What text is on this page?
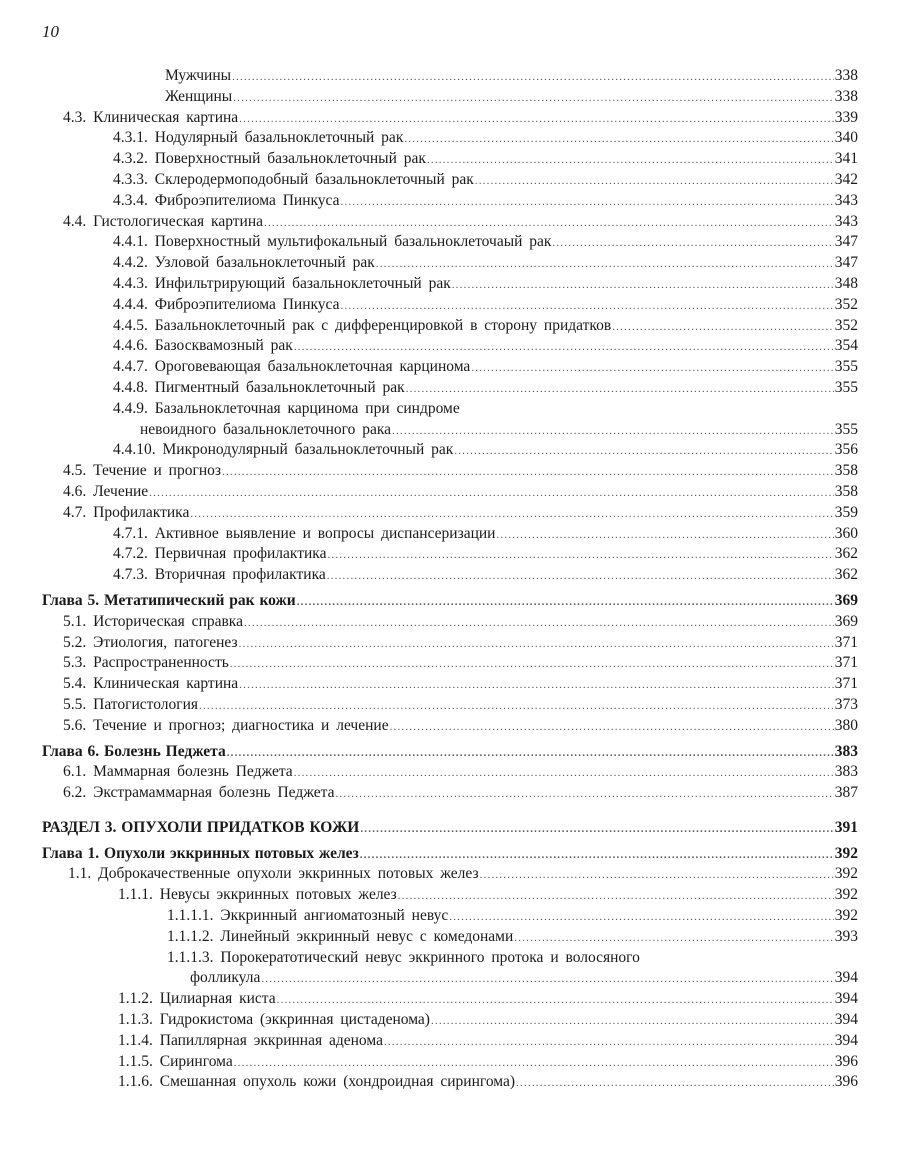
10
Мужчины .....	338
Женщины .....	338
4.3. Клиническая картина .....	339
4.3.1. Нодулярный базальноклеточный рак .....	340
4.3.2. Поверхностный базальноклеточный рак .....	341
4.3.3. Склеродермоподобный базальноклеточный рак .....	342
4.3.4. Фиброэпителиома Пинкуса .....	343
4.4. Гистологическая картина .....	343
4.4.1. Поверхностный мультифокальный базальноклеточаый рак .....	347
4.4.2. Узловой базальноклеточный рак .....	347
4.4.3. Инфильтрирующий базальноклеточный рак .....	348
4.4.4. Фиброэпителиома Пинкуса .....	352
4.4.5. Базальноклеточный рак с дифференцировкой в сторону придатков .....	352
4.4.6. Базосквамозный рак .....	354
4.4.7. Ороговевающая базальноклеточная карцинома .....	355
4.4.8. Пигментный базальноклеточный рак .....	355
4.4.9. Базальноклеточная карцинома при синдроме
невоидного базальноклеточного рака .....	355
4.4.10. Микронодулярный базальноклеточный рак .....	356
4.5. Течение и прогноз .....	358
4.6. Лечение .....	358
4.7. Профилактика .....	359
4.7.1. Активное выявление и вопросы диспансеризации .....	360
4.7.2. Первичная профилактика .....	362
4.7.3. Вторичная профилактика .....	362
Глава 5. Метатипический рак кожи .....	369
5.1. Историческая справка .....	369
5.2. Этиология, патогенез .....	371
5.3. Распространенность .....	371
5.4. Клиническая картина .....	371
5.5. Патогистология .....	373
5.6. Течение и прогноз; диагностика и лечение .....	380
Глава 6. Болезнь Педжета .....	383
6.1. Маммарная болезнь Педжета .....	383
6.2. Экстрамаммарная болезнь Педжета .....	387
РАЗДЕЛ 3. ОПУХОЛИ ПРИДАТКОВ КОЖИ .....	391
Глава 1. Опухоли эккринных потовых желез .....	392
1.1. Доброкачественные опухоли эккринных потовых желез .....	392
1.1.1. Невусы эккринных потовых желез .....	392
1.1.1.1. Эккринный ангиоматозный невус .....	392
1.1.1.2. Линейный эккринный невус с комедонами .....	393
1.1.1.3. Порокератотический невус эккринного протока и волосяного
фолликула .....	394
1.1.2. Цилиарная киста .....	394
1.1.3. Гидрокистома (эккринная цистаденома) .....	394
1.1.4. Папиллярная эккринная аденома .....	394
1.1.5. Сирингома .....	396
1.1.6. Смешанная опухоль кожи (хондроидная сирингома) .....	396
